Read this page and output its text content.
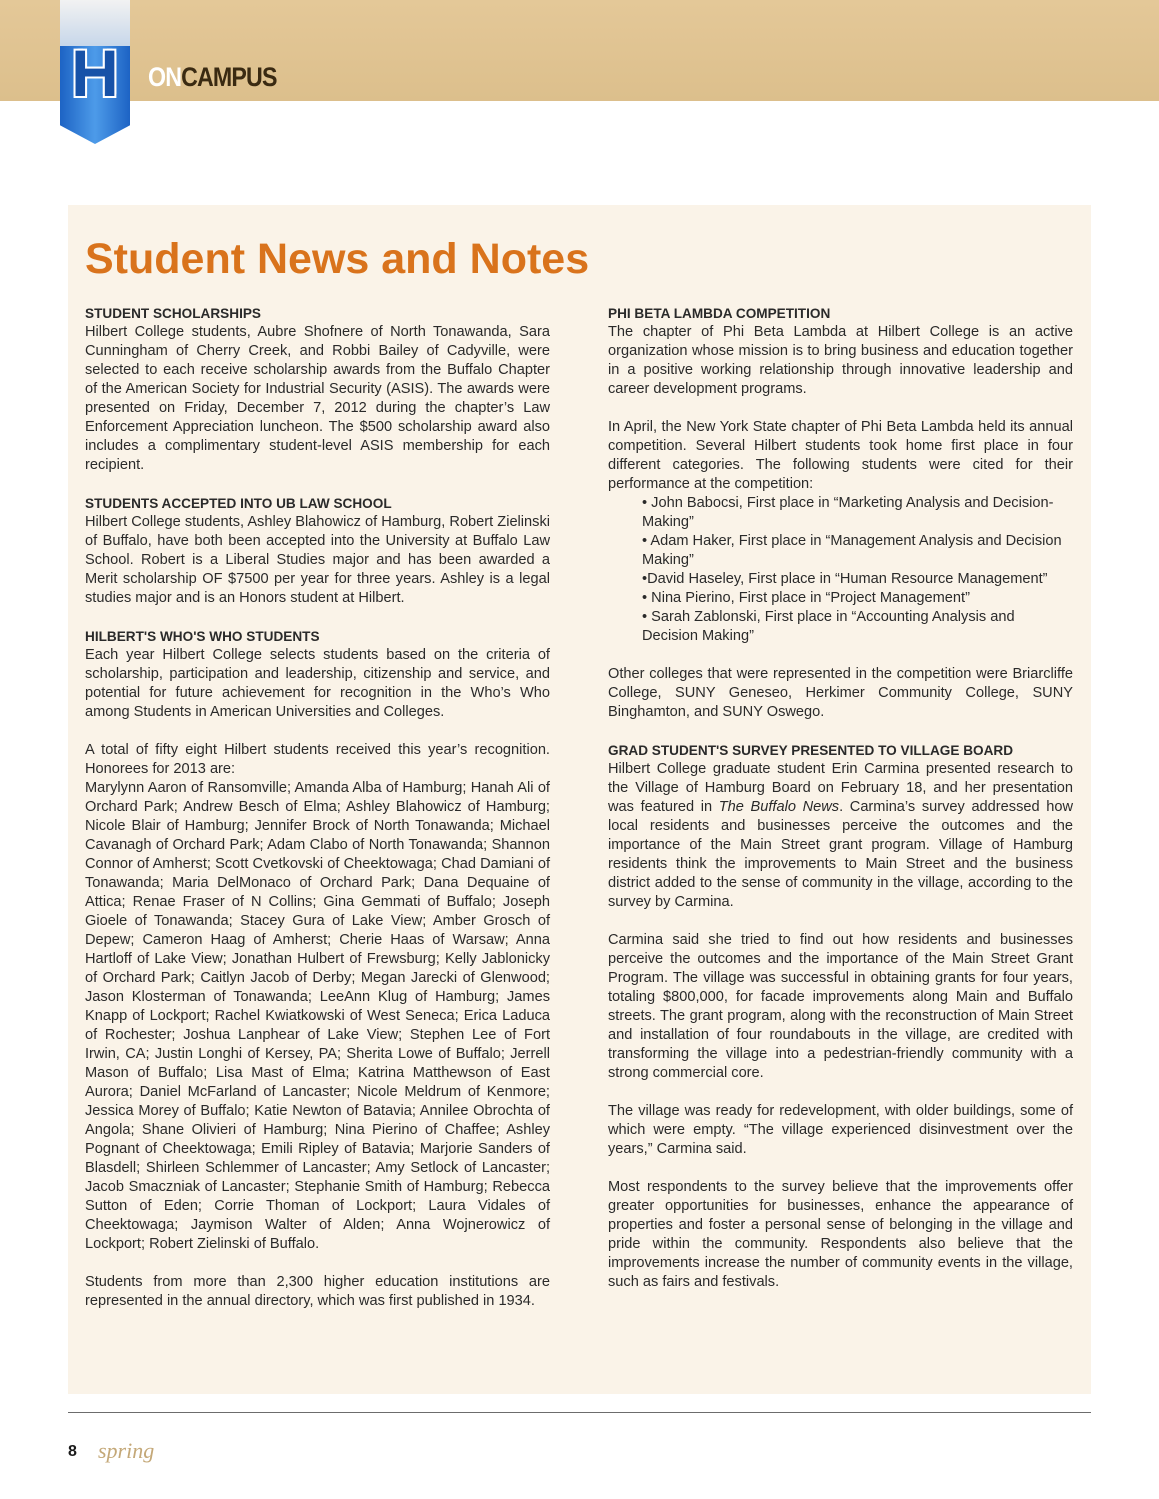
H	ONCAMPUS
Student News and Notes
STUDENT SCHOLARSHIPS

Hilbert College students, Aubre Shofnere of North Tonawanda, Sara Cunningham of Cherry Creek, and Robbi Bailey of Cadyville, were selected to each receive scholarship awards from the Buffalo Chapter of the American Society for Industrial Security (ASIS). The awards were presented on Friday, December 7, 2012 during the chapter’s Law Enforcement Appreciation luncheon. The $500 scholarship award also includes a complimentary student-level ASIS membership for each recipient.

STUDENTS ACCEPTED INTO UB LAW SCHOOL

Hilbert College students, Ashley Blahowicz of Hamburg, Robert Zielinski of Buffalo, have both been accepted into the University at Buffalo Law School. Robert is a Liberal Studies major and has been awarded a Merit scholarship OF $7500 per year for three years. Ashley is a legal studies major and is an Honors student at Hilbert.

HILBERT'S WHO'S WHO STUDENTS

Each year Hilbert College selects students based on the criteria of scholarship, participation and leadership, citizenship and service, and potential for future achievement for recognition in the Who’s Who among Students in American Universities and Colleges.

A total of fifty eight Hilbert students received this year’s recognition. Honorees for 2013 are:

Marylynn Aaron of Ransomville; Amanda Alba of Hamburg; Hanah Ali of Orchard Park; Andrew Besch of Elma; Ashley Blahowicz of Hamburg; Nicole Blair of Hamburg; Jennifer Brock of North Tonawanda; Michael Cavanagh of Orchard Park; Adam Clabo of North Tonawanda; Shannon Connor of Amherst; Scott Cvetkovski of Cheektowaga; Chad Damiani of Tonawanda; Maria DelMonaco of Orchard Park; Dana Dequaine of Attica; Renae Fraser of N Collins; Gina Gemmati of Buffalo; Joseph Gioele of Tonawanda; Stacey Gura of Lake View; Amber Grosch of Depew; Cameron Haag of Amherst; Cherie Haas of Warsaw; Anna Hartloff of Lake View; Jonathan Hulbert of Frewsburg; Kelly Jablonicky of Orchard Park; Caitlyn Jacob of Derby; Megan Jarecki of Glenwood; Jason Klosterman of Tonawanda; LeeAnn Klug of Hamburg; James Knapp of Lockport; Rachel Kwiatkowski of West Seneca; Erica Laduca of Rochester; Joshua Lanphear of Lake View; Stephen Lee of Fort Irwin, CA; Justin Longhi of Kersey, PA; Sherita Lowe of Buffalo; Jerrell Mason of Buffalo; Lisa Mast of Elma; Katrina Matthewson of East Aurora; Daniel McFarland of Lancaster; Nicole Meldrum of Kenmore; Jessica Morey of Buffalo; Katie Newton of Batavia; Annilee Obrochta of Angola; Shane Olivieri of Hamburg; Nina Pierino of Chaffee; Ashley Pognant of Cheektowaga; Emili Ripley of Batavia; Marjorie Sanders of Blasdell; Shirleen Schlemmer of Lancaster; Amy Setlock of Lancaster; Jacob Smaczniak of Lancaster; Stephanie Smith of Hamburg; Rebecca Sutton of Eden; Corrie Thoman of Lockport; Laura Vidales of Cheektowaga; Jaymison Walter of Alden; Anna Wojnerowicz of Lockport; Robert Zielinski of Buffalo.

Students from more than 2,300 higher education institutions are represented in the annual directory, which was first published in 1934.

PHI BETA LAMBDA COMPETITION

The chapter of Phi Beta Lambda at Hilbert College is an active organization whose mission is to bring business and education together in a positive working relationship through innovative leadership and career development programs.

In April, the New York State chapter of Phi Beta Lambda held its annual competition. Several Hilbert students took home first place in four different categories. The following students were cited for their performance at the competition:

• John Babocsi, First place in “Marketing Analysis and Decision-Making”
• Adam Haker, First place in “Management Analysis and Decision Making”
•David Haseley, First place in “Human Resource Management”
• Nina Pierino, First place in “Project Management”
• Sarah Zablonski, First place in “Accounting Analysis and Decision Making”

Other colleges that were represented in the competition were Briarcliffe College, SUNY Geneseo, Herkimer Community College, SUNY Binghamton, and SUNY Oswego.

GRAD STUDENT'S SURVEY PRESENTED TO VILLAGE BOARD

Hilbert College graduate student Erin Carmina presented research to the Village of Hamburg Board on February 18, and her presentation was featured in The Buffalo News. Carmina’s survey addressed how local residents and businesses perceive the outcomes and the importance of the Main Street grant program. Village of Hamburg residents think the improvements to Main Street and the business district added to the sense of community in the village, according to the survey by Carmina.

Carmina said she tried to find out how residents and businesses perceive the outcomes and the importance of the Main Street Grant Program. The village was successful in obtaining grants for four years, totaling $800,000, for facade improvements along Main and Buffalo streets. The grant program, along with the reconstruction of Main Street and installation of four roundabouts in the village, are credited with transforming the village into a pedestrian-friendly community with a strong commercial core.

The village was ready for redevelopment, with older buildings, some of which were empty. “The village experienced disinvestment over the years,” Carmina said.

Most respondents to the survey believe that the improvements offer greater opportunities for businesses, enhance the appearance of properties and foster a personal sense of belonging in the village and pride within the community. Respondents also believe that the improvements increase the number of community events in the village, such as fairs and festivals.

8 spring
